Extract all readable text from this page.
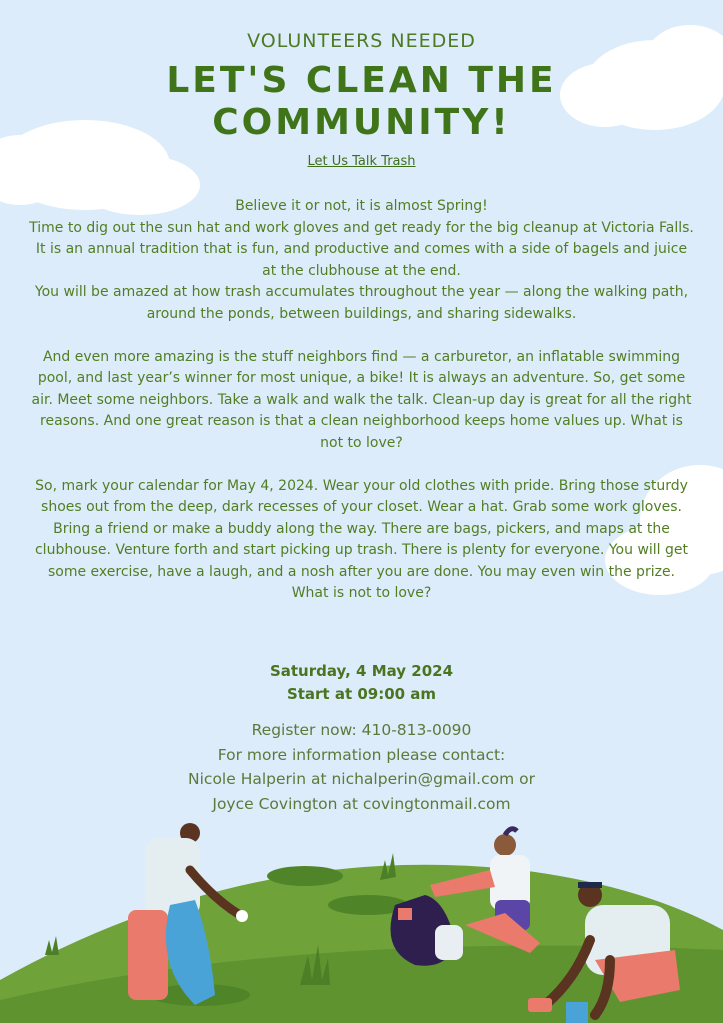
VOLUNTEERS NEEDED
LET'S CLEAN THE
COMMUNITY!
Let Us Talk Trash

Believe it or not, it is almost Spring!
Time to dig out the sun hat and work gloves and get ready for the big cleanup at Victoria Falls.
It is an annual tradition that is fun, and productive and comes with a side of bagels and juice at the clubhouse at the end.
You will be amazed at how trash accumulates throughout the year — along the walking path, around the ponds, between buildings, and sharing sidewalks.

And even more amazing is the stuff neighbors find — a carburetor, an inflatable swimming pool, and last year’s winner for most unique, a bike! It is always an adventure. So, get some air. Meet some neighbors. Take a walk and walk the talk. Clean-up day is great for all the right reasons. And one great reason is that a clean neighborhood keeps home values up. What is not to love?

So, mark your calendar for May 4, 2024. Wear your old clothes with pride. Bring those sturdy shoes out from the deep, dark recesses of your closet. Wear a hat. Grab some work gloves. Bring a friend or make a buddy along the way. There are bags, pickers, and maps at the clubhouse. Venture forth and start picking up trash. There is plenty for everyone. You will get some exercise, have a laugh, and a nosh after you are done. You may even win the prize. What is not to love?

Saturday, 4 May 2024
Start at 09:00 am
Register now: 410-813-0090
For more information please contact:
Nicole Halperin at nichalperin@gmail.com or
Joyce Covington at covingtonmail.com
